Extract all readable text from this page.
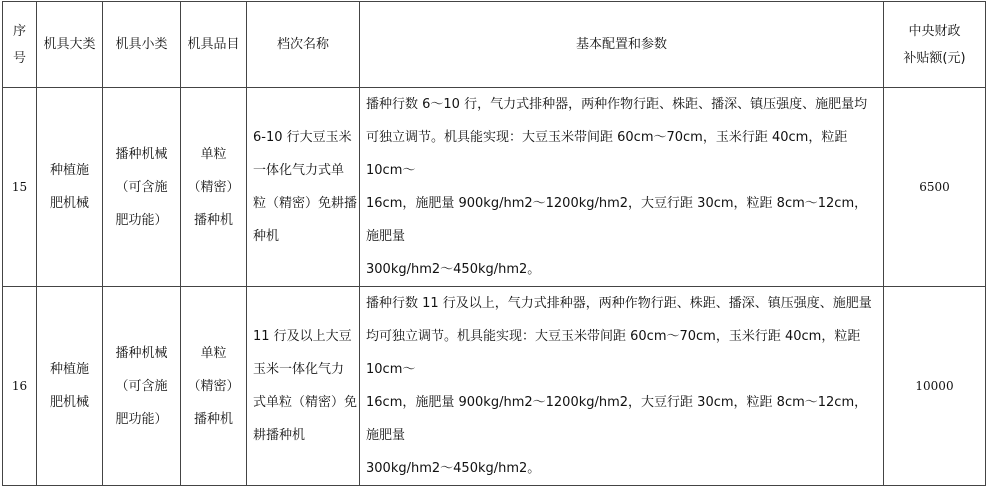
序
号	机具大类	机具小类	机具品目	档次名称	基本配置和参数	中央财政
补贴额(元)

15	种植施
肥机械	播种机械
（可含施
肥功能）	单粒
（精密）
播种机	6-10 行大豆玉米
一体化气力式单
粒（精密）免耕播
种机	播种行数 6～10 行，气力式排种器，两种作物行距、株距、播深、镇压强度、施肥量均
可独立调节。机具能实现：大豆玉米带间距 60cm～70cm，玉米行距 40cm，粒距 10cm～
16cm，施肥量 900kg/hm2～1200kg/hm2，大豆行距 30cm，粒距 8cm～12cm，施肥量
300kg/hm2～450kg/hm2。	6500
16	种植施
肥机械	播种机械
（可含施
肥功能）	单粒
（精密）
播种机	11 行及以上大豆
玉米一体化气力
式单粒（精密）免
耕播种机	播种行数 11 行及以上，气力式排种器，两种作物行距、株距、播深、镇压强度、施肥量
均可独立调节。机具能实现：大豆玉米带间距 60cm～70cm，玉米行距 40cm，粒距 10cm～
16cm，施肥量 900kg/hm2～1200kg/hm2，大豆行距 30cm，粒距 8cm～12cm，施肥量
300kg/hm2～450kg/hm2。	10000
